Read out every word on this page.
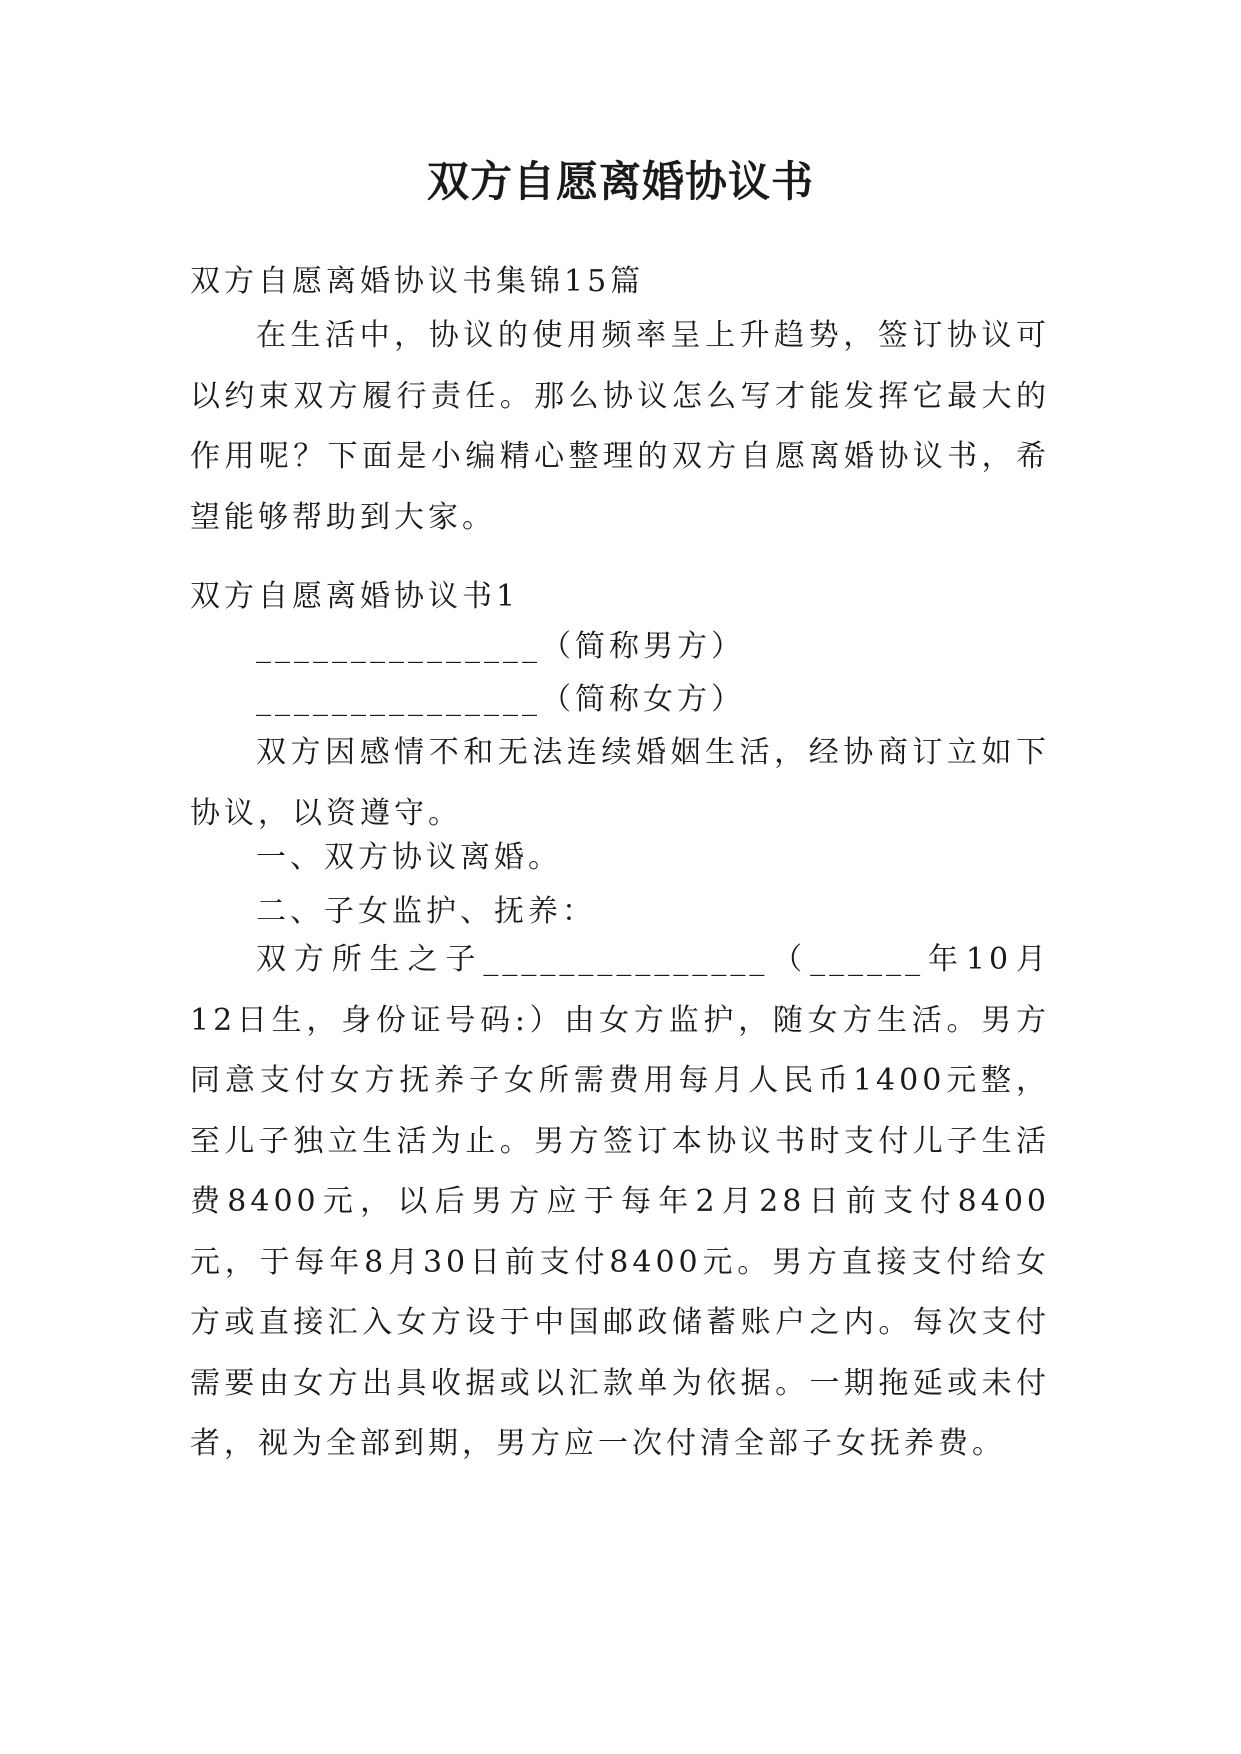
双方自愿离婚协议书
双方自愿离婚协议书集锦15篇

在生活中，协议的使用频率呈上升趋势，签订协议可以约束双方履行责任。那么协议怎么写才能发挥它最大的作用呢？下面是小编精心整理的双方自愿离婚协议书，希望能够帮助到大家。

双方自愿离婚协议书1
_______________（简称男方）
_______________（简称女方）

双方因感情不和无法连续婚姻生活，经协商订立如下协议，以资遵守。

一、双方协议离婚。
二、子女监护、抚养：

双方所生之子_______________（______年10月12日生，身份证号码:）由女方监护，随女方生活。男方同意支付女方抚养子女所需费用每月人民币1400元整，至儿子独立生活为止。男方签订本协议书时支付儿子生活费8400元，以后男方应于每年2月28日前支付8400元，于每年8月30日前支付8400元。男方直接支付给女方或直接汇入女方设于中国邮政储蓄账户之内。每次支付需要由女方出具收据或以汇款单为依据。一期拖延或未付者，视为全部到期，男方应一次付清全部子女抚养费。
